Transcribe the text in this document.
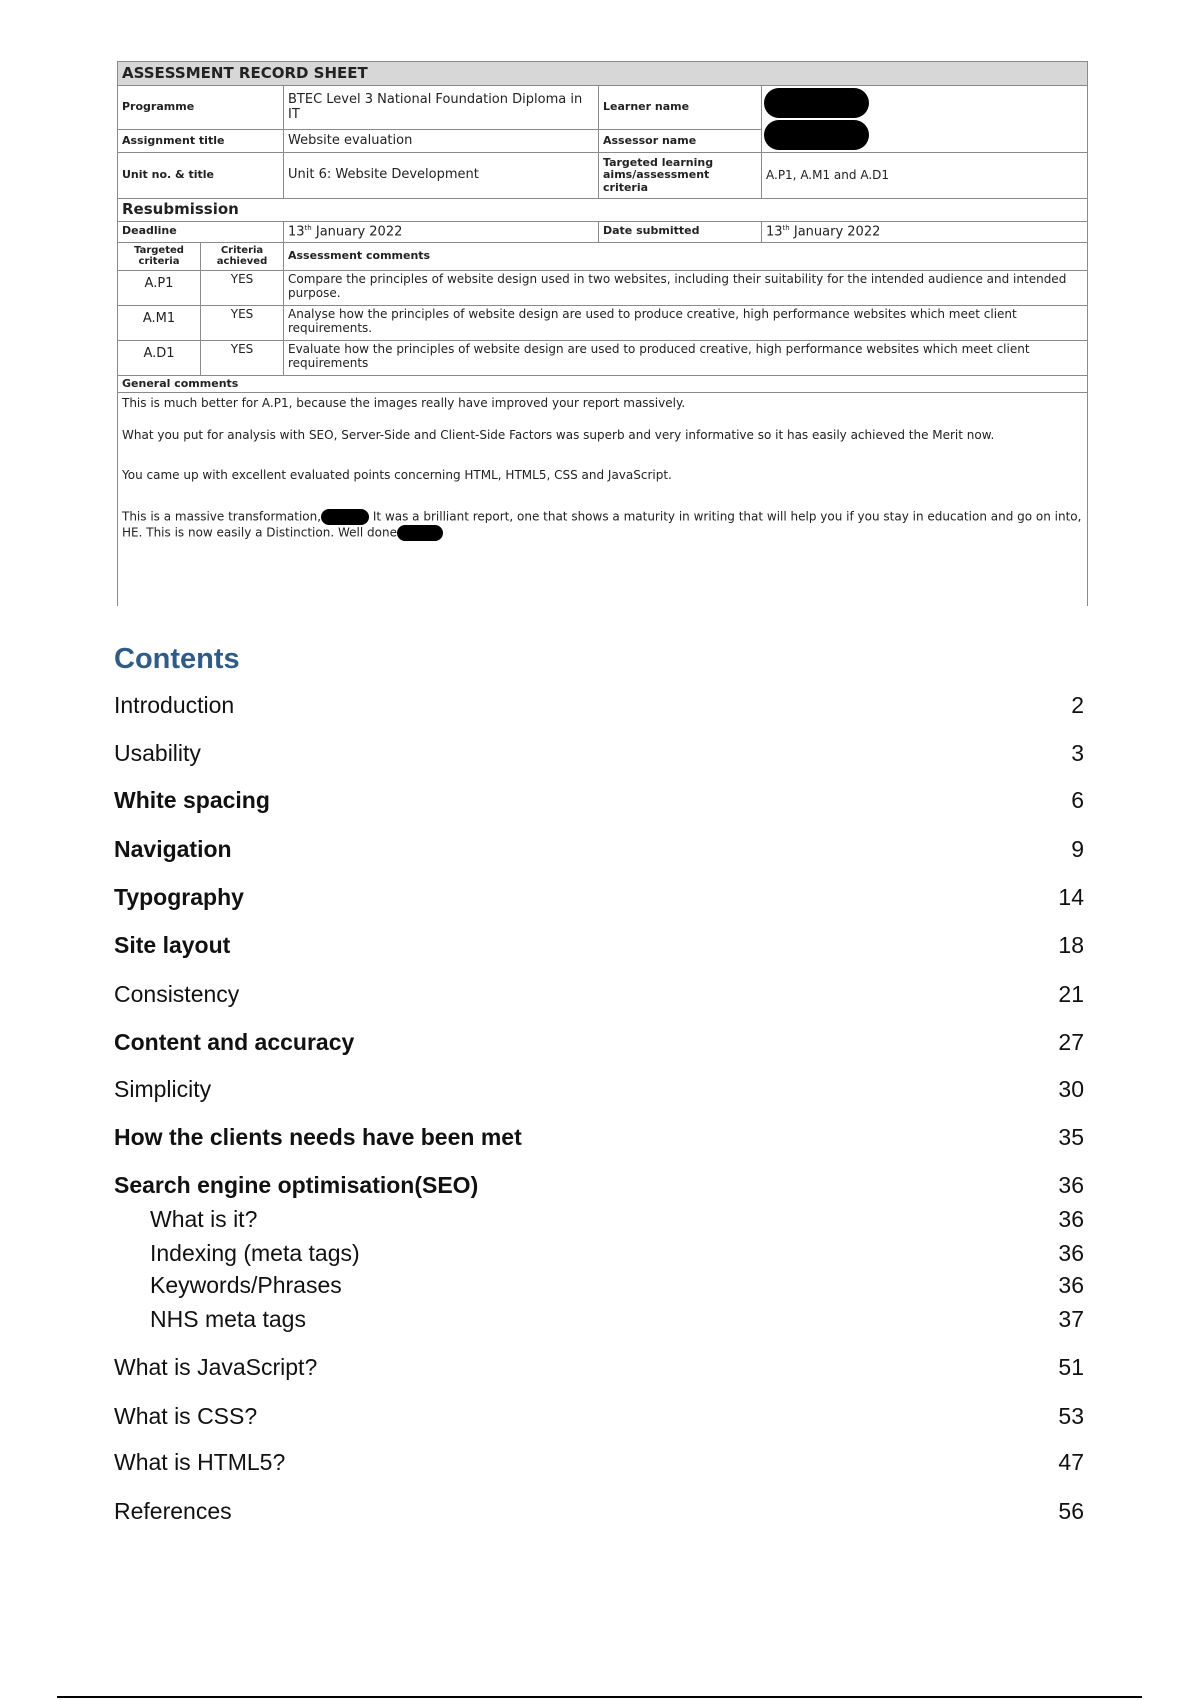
ASSESSMENT RECORD SHEET				
Programme		BTEC Level 3 National Foundation Diploma in IT	Learner name	

Assignment title		Website evaluation	Assessor name	
Unit no. & title		Unit 6: Website Development	Targeted learning aims/assessment criteria	A.P1, A.M1 and A.D1
Resubmission				
Deadline		13th January 2022	Date submitted	13th January 2022
Targeted criteria	Criteria achieved	Assessment comments		
A.P1	YES	Compare the principles of website design used in two websites, including their suitability for the intended audience and intended purpose.		
A.M1	YES	Analyse how the principles of website design are used to produce creative, high performance websites which meet client requirements.		
A.D1	YES	Evaluate how the principles of website design are used to produced creative, high performance websites which meet client requirements		
General comments				

This is much better for A.P1, because the images really have improved your report massively.

What you put for analysis with SEO, Server-Side and Client-Side Factors was superb and very informative so it has easily achieved the Merit now.

You came up with excellent evaluated points concerning HTML, HTML5, CSS and JavaScript.

This is a massive transformation, It was a brilliant report, one that shows a maturity in writing that will help you if you stay in education and go on into, HE. This is now easily a Distinction. Well done				

Contents
Introduction	2
Usability	3
White spacing	6
Navigation	9
Typography	14
Site layout	18
Consistency	21
Content and accuracy	27
Simplicity	30
How the clients needs have been met	35
Search engine optimisation(SEO)	36
What is it?	36
Indexing (meta tags)	36
Keywords/Phrases	36
NHS meta tags	37
What is JavaScript?	51
What is CSS?	53
What is HTML5?	47
References	56
